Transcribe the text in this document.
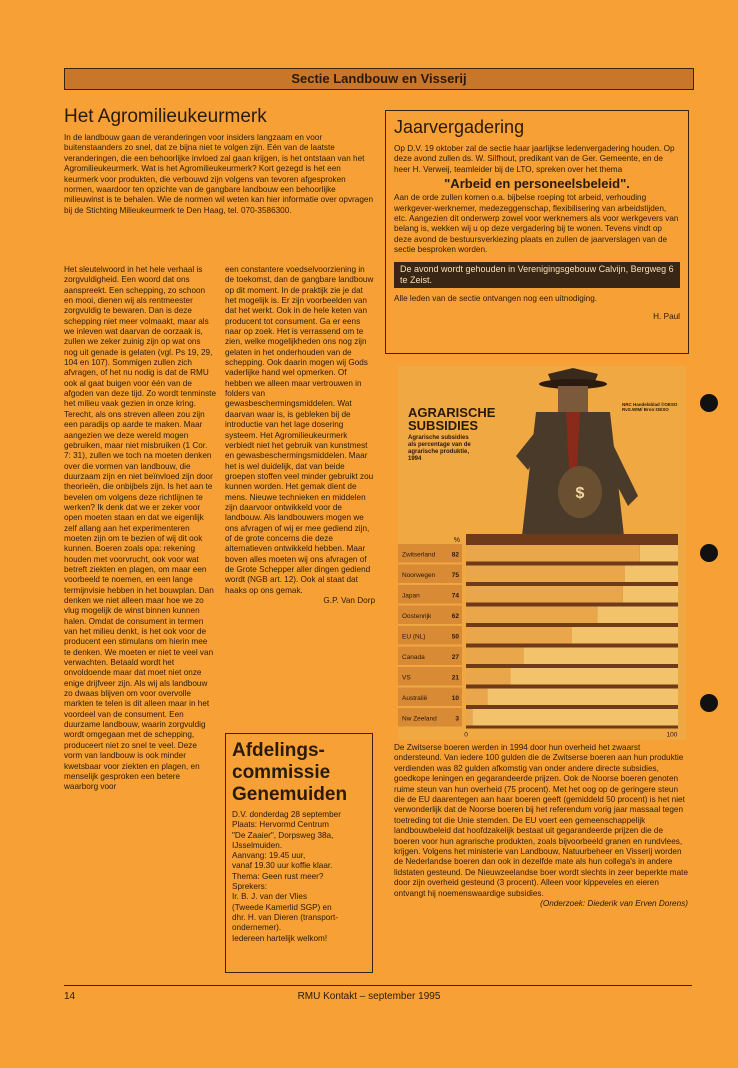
Sectie Landbouw en Visserij
Het Agromilieukeurmerk

In de landbouw gaan de veranderingen voor insiders langzaam en voor buitenstaanders zo snel, dat ze bijna niet te volgen zijn. Eén van de laatste veranderingen, die een behoorlijke invloed zal gaan krijgen, is het ontstaan van het Agromilieukeurmerk. Wat is het Agromilieukeurmerk? Kort gezegd is het een keurmerk voor produkten, die verbouwd zijn volgens van tevoren afgesproken normen, waardoor ten opzichte van de gangbare landbouw een behoorlijke milieuwinst is te behalen. Wie de normen wil weten kan hier informatie over opvragen bij de Stichting Milieukeurmerk te Den Haag, tel. 070-3586300.

Het sleutelwoord in het hele verhaal is zorgvuldigheid. Een woord dat ons aanspreekt. Een schepping, zo schoon en mooi, dienen wij als rentmeester zorgvuldig te bewaren. Dan is deze schepping niet meer volmaakt, maar als we inleven wat daarvan de oorzaak is, zullen we zeker zuinig zijn op wat ons nog uit genade is gelaten (vgl. Ps 19, 29, 104 en 107). Sommigen zullen zich afvragen, of het nu nodig is dat de RMU ook al gaat buigen voor één van de afgoden van deze tijd. Zo wordt tenminste het milieu vaak gezien in onze kring. Terecht, als ons streven alleen zou zijn een paradijs op aarde te maken. Maar aangezien we deze wereld mogen gebruiken, maar niet misbruiken (1 Cor. 7: 31), zullen we toch na moeten denken over die vormen van landbouw, die duurzaam zijn en niet beïnvloed zijn door theorieën, die onbijbels zijn. Is het aan te bevelen om volgens deze richtlijnen te werken? Ik denk dat we er zeker voor open moeten staan en dat we eigenlijk zelf allang aan het experimenteren moeten zijn om te bezien of wij dit ook kunnen. Boeren zoals opa: rekening houden met voorvrucht, ook voor wat betreft ziekten en plagen, om maar een voorbeeld te noemen, en een lange termijnvisie hebben in het bouwplan. Dan denken we niet alleen maar hoe we zo vlug mogelijk de winst binnen kunnen halen. Omdat de consument in termen van het milieu denkt, is het ook voor de producent een stimulans om hierin mee te denken. We moeten er niet te veel van verwachten. Betaald wordt het onvoldoende maar dat moet niet onze enige drijfveer zijn. Als wij als landbouw zo dwaas blijven om voor overvolle markten te telen is dit alleen maar in het voordeel van de consument. Een duurzame landbouw, waarin zorgvuldig wordt omgegaan met de schepping, produceert niet zo snel te veel. Deze vorm van landbouw is ook minder kwetsbaar voor ziekten en plagen, en menselijk gesproken een betere waarborg voor

een constantere voedselvoorziening in de toekomst, dan de gangbare landbouw op dit moment. In de praktijk zie je dat het mogelijk is. Er zijn voorbeelden van dat het werkt. Ook in de hele keten van producent tot consument. Ga er eens naar op zoek. Het is verrassend om te zien, welke mogelijkheden ons nog zijn gelaten in het onderhouden van de schepping. Ook daarin mogen wij Gods vaderlijke hand wel opmerken. Of hebben we alleen maar vertrouwen in folders van gewasbeschermingsmiddelen. Wat daarvan waar is, is gebleken bij de introductie van het lage dosering systeem. Het Agromilieukeurmerk verbiedt niet het gebruik van kunstmest en gewasbeschermingsmiddelen. Maar het is wel duidelijk, dat van beide groepen stoffen veel minder gebruikt zou kunnen worden. Het gemak dient de mens. Nieuwe technieken en middelen zijn daarvoor ontwikkeld voor de landbouw. Als landbouwers mogen we ons afvragen of wij er mee gediend zijn, of de grote concerns die deze alternatieven ontwikkeld hebben. Maar boven alles moeten wij ons afvragen of de Grote Schepper aller dingen gediend wordt (NGB art. 12). Ook al staat dat haaks op ons gemak.

G.P. Van Dorp

Afdelings-
commissie
Genemuiden

D.V. donderdag 28 september

Plaats: Hervormd Centrum

"De Zaaier", Dorpsweg 38a,

IJsselmuiden.

Aanvang: 19.45 uur,

vanaf 19.30 uur koffie klaar.

Thema: Geen rust meer?

Sprekers:

Ir. B. J. van der Vlies

(Tweede Kamerlid SGP) en

dhr. H. van Dieren (transport-

ondernemer).

Iedereen hartelijk welkom!

Jaarvergadering

Op D.V. 19 oktober zal de sectie haar jaarlijkse ledenvergadering houden. Op deze avond zullen ds. W. Silfhout, predikant van de Ger. Gemeente, en de heer H. Verweij, teamleider bij de LTO, spreken over het thema

"Arbeid en personeelsbeleid".

Aan de orde zullen komen o.a. bijbelse roeping tot arbeid, verhouding werkgever-werknemer, medezeggenschap, flexibilisering van arbeidstijden, etc. Aangezien dit onderwerp zowel voor werknemers als voor werkgevers van belang is, wekken wij u op deze vergadering bij te wonen. Tevens vindt op deze avond de bestuursverkiezing plaats en zullen de jaarverslagen van de sectie besproken worden.

De avond wordt gehouden in Verenigingsgebouw Calvijn, Bergweg 6 te Zeist.

Alle leden van de sectie ontvangen nog een uitnodiging.

H. Paul

$
%
Zwitserland	82
Noorwegen	75
Japan	74
Oostenrijk	62
EU (NL)	50
Canada	27
VS	21
Australië	10
Nw Zeeland	3
0	100
AGRARISCHE SUBSIDIES
Agrarische subsidies als percentage van de agrarische produktie, 1994
NRC Handelsblad ©OESO RvS.WIM/ Bron:OESO

De Zwitserse boeren werden in 1994 door hun overheid het zwaarst ondersteund. Van iedere 100 gulden die de Zwitserse boeren aan hun produktie verdienden was 82 gulden afkomstig van onder andere directe subsidies, goedkope leningen en gegarandeerde prijzen. Ook de Noorse boeren genoten ruime steun van hun overheid (75 procent). Met het oog op de geringere steun die de EU daarentegen aan haar boeren geeft (gemiddeld 50 procent) is het niet verwonderlijk dat de Noorse boeren bij het referendum vorig jaar massaal tegen toetreding tot die Unie stemden. De EU voert een gemeenschappelijk landbouwbeleid dat hoofdzakelijk bestaat uit gegarandeerde prijzen die de boeren voor hun agrarische produkten, zoals bijvoorbeeld granen en rundvlees, krijgen. Volgens het ministerie van Landbouw, Natuurbeheer en Visserij worden de Nederlandse boeren dan ook in dezelfde mate als hun collega's in andere lidstaten gesteund. De Nieuwzeelandse boer wordt slechts in zeer beperkte mate door zijn overheid gesteund (3 procent). Alleen voor kippeveles en eieren ontvangt hij noemenswaardige subsidies.

(Onderzoek: Diederik van Erven Dorens)

14	RMU Kontakt – september 1995
